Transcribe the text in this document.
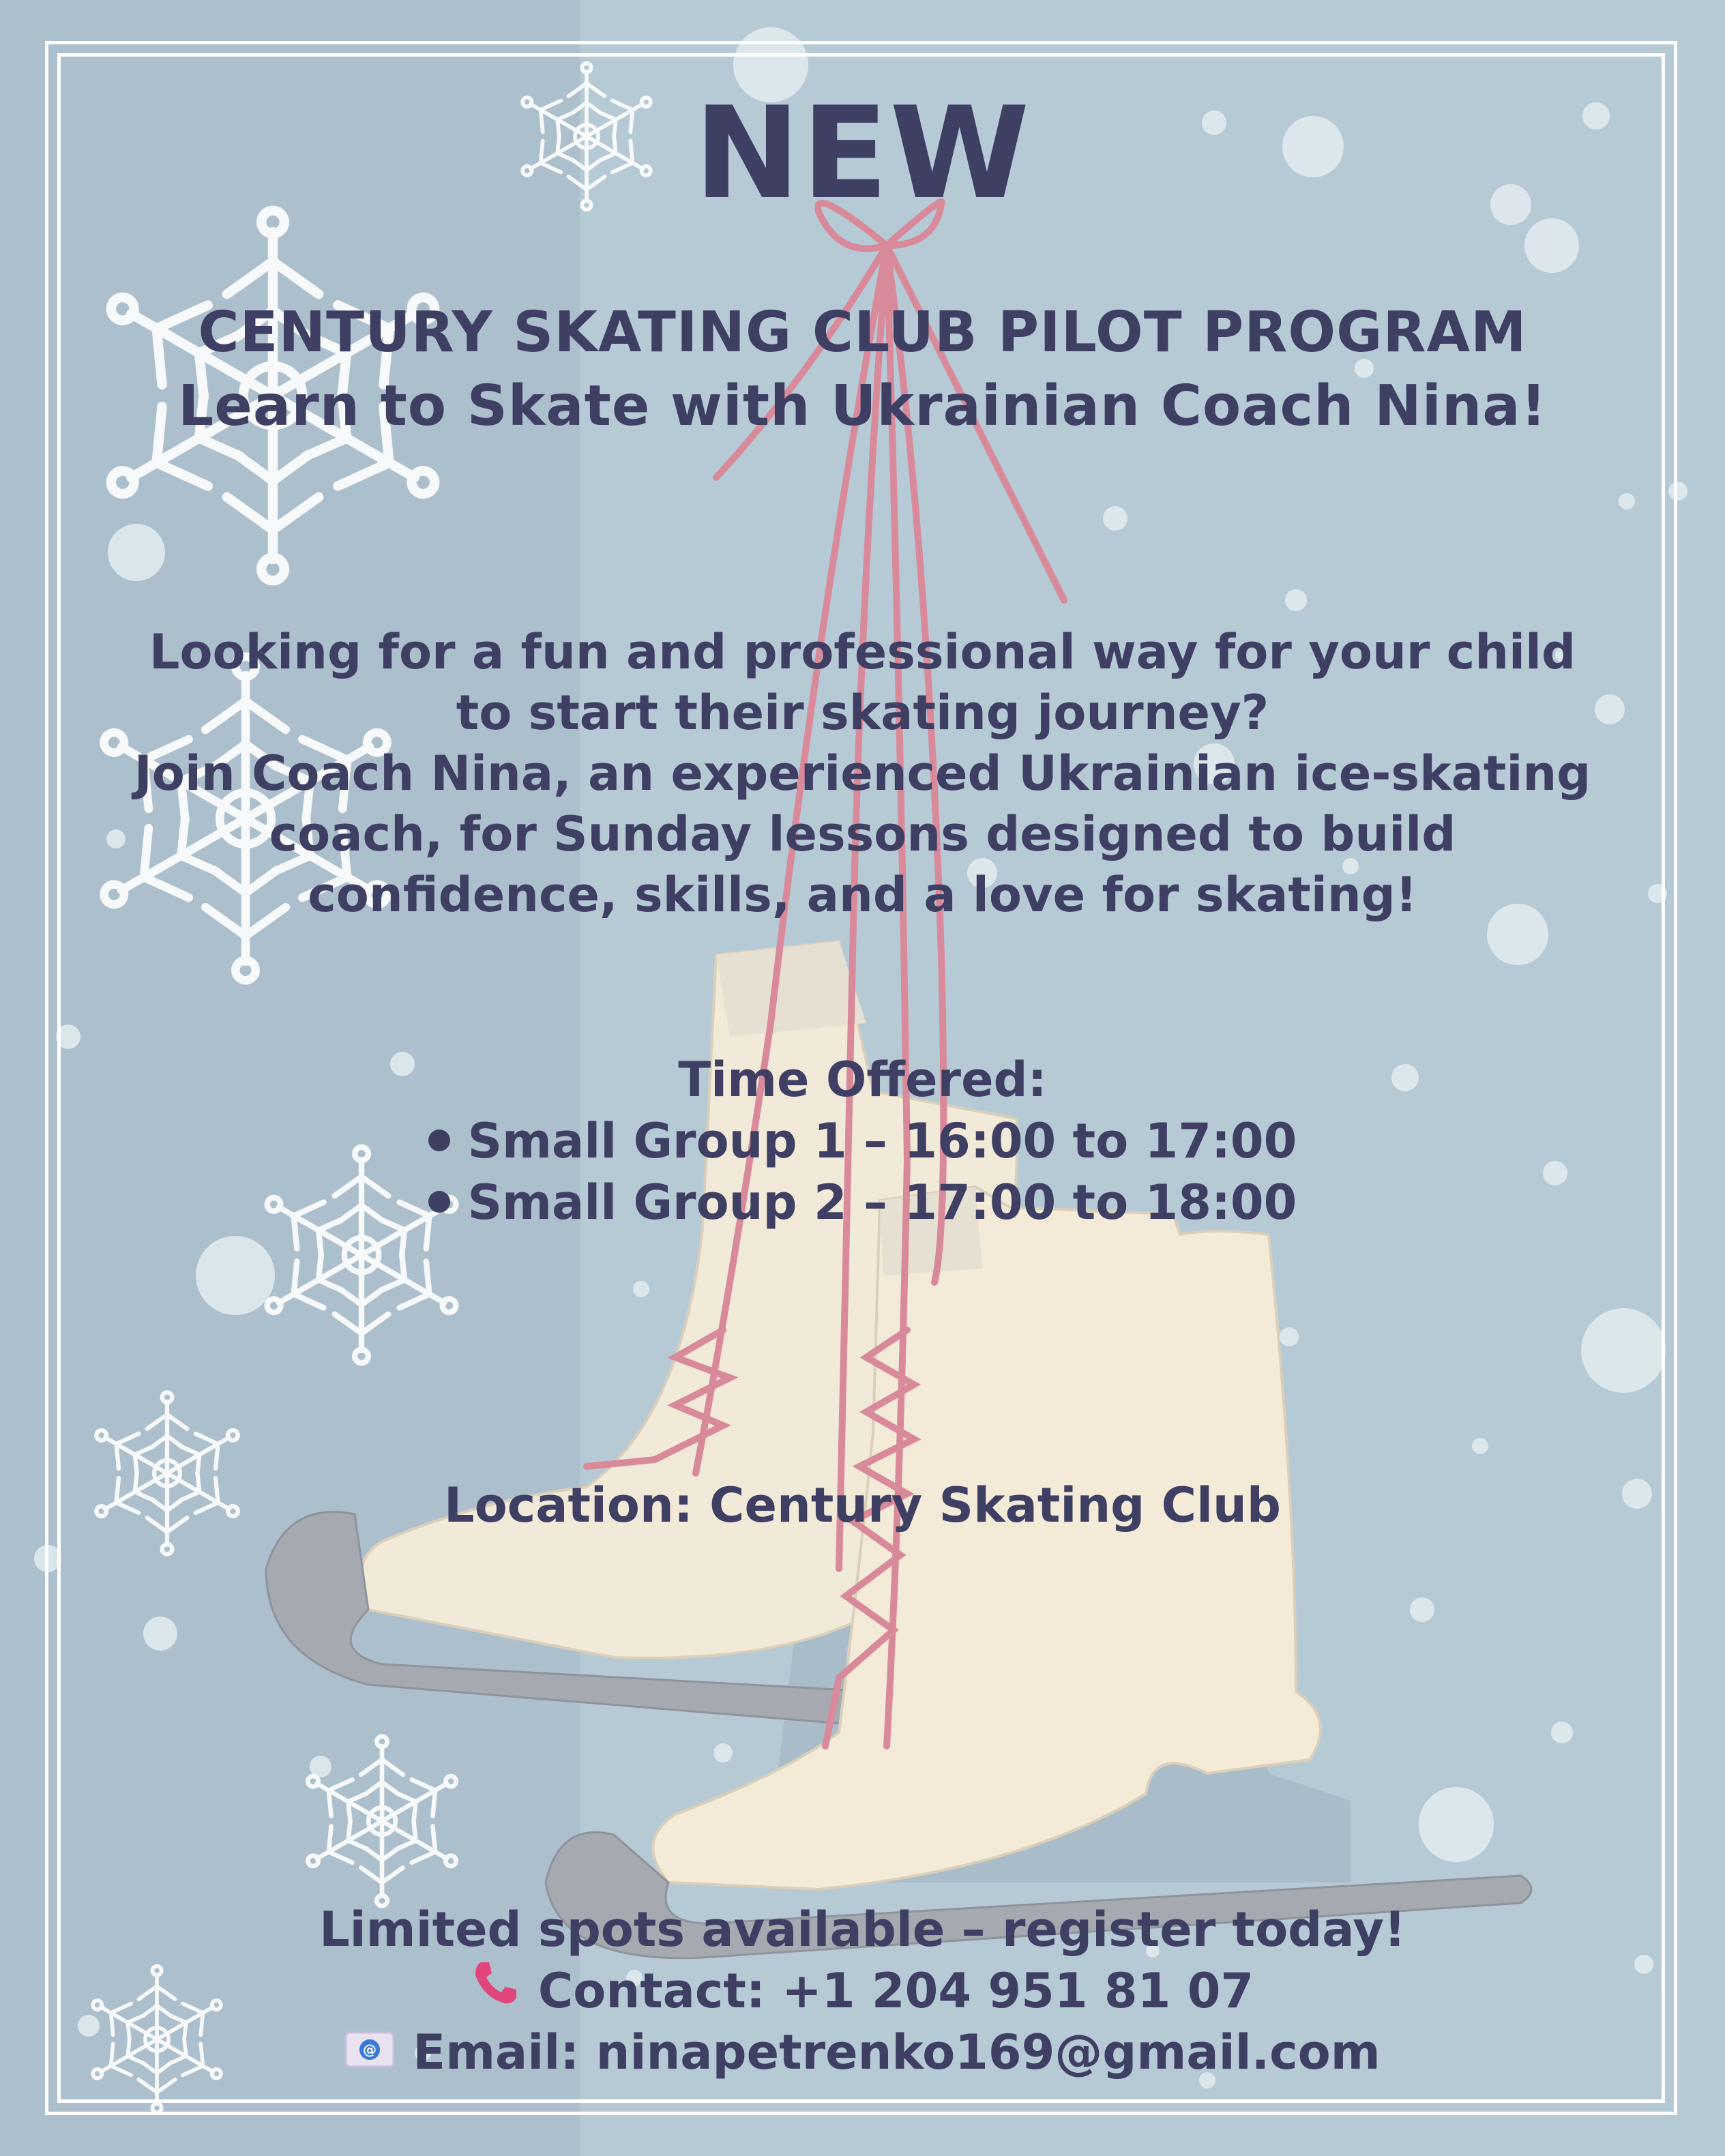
NEW
CENTURY SKATING CLUB PILOT PROGRAM
Learn to Skate with Ukrainian Coach Nina!
Looking for a fun and professional way for your child
to start their skating journey?
Join Coach Nina, an experienced Ukrainian ice-skating
coach, for Sunday lessons designed to build
confidence, skills, and a love for skating!
Time Offered:
Small Group 1 – 16:00 to 17:00
Small Group 2 – 17:00 to 18:00
Location: Century Skating Club
Limited spots available – register today!
Contact: +1 204 951 81 07
@ Email: ninapetrenko169@gmail.com
